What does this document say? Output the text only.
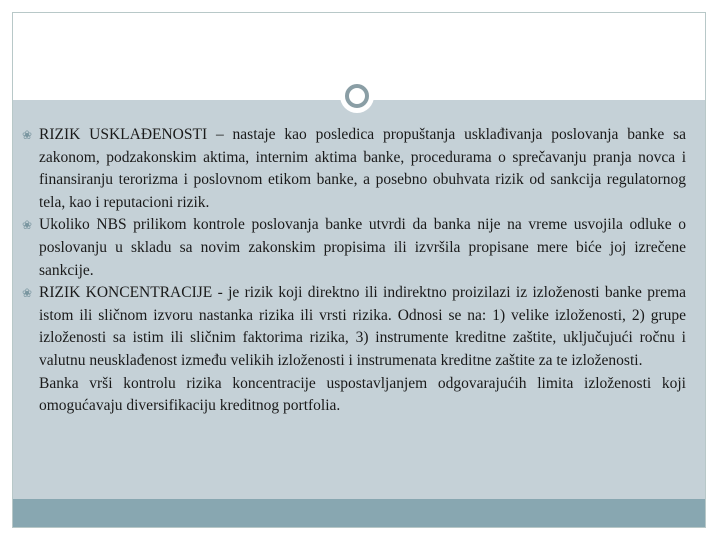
❀ RIZIK USKLAĐENOSTI – nastaje kao posledica propuštanja usklađivanja poslovanja banke sa zakonom, podzakonskim aktima, internim aktima banke, procedurama o sprečavanju pranja novca i finansiranju terorizma i poslovnom etikom banke, a posebno obuhvata rizik od sankcija regulatornog tela, kao i reputacioni rizik.
❀ Ukoliko NBS prilikom kontrole poslovanja banke utvrdi da banka nije na vreme usvojila odluke o poslovanju u skladu sa novim zakonskim propisima ili izvršila propisane mere biće joj izrečene sankcije.
❀ RIZIK KONCENTRACIJE - je rizik koji direktno ili indirektno proizilazi iz izloženosti banke prema istom ili sličnom izvoru nastanka rizika ili vrsti rizika. Odnosi se na: 1) velike izloženosti, 2) grupe izloženosti sa istim ili sličnim faktorima rizika, 3) instrumente kreditne zaštite, uključujući ročnu i valutnu neusklađenost između velikih izloženosti i instrumenata kreditne zaštite za te izloženosti.
Banka vrši kontrolu rizika koncentracije uspostavljanjem odgovarajućih limita izloženosti koji omogućavaju diversifikaciju kreditnog portfolia.
